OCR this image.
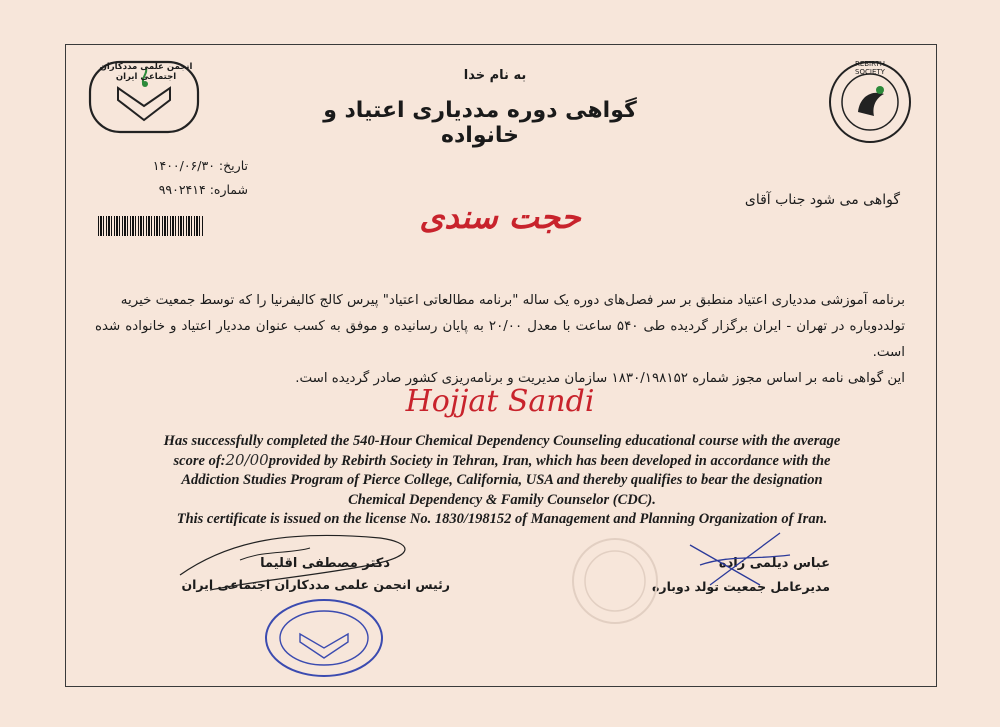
انجمن علمی مددکاران اجتماعی ایران
REBIRTH SOCIETY
به نام خدا
گواهی دوره مددیاری اعتیاد و خانواده
تاریخ: ۱۴۰۰/۰۶/۳۰
شماره: ۹۹۰۲۴۱۴
گواهی می شود جناب آقای
حجت سندی
برنامه آموزشی مددیاری اعتیاد منطبق بر سر فصل‌های دوره یک ساله "برنامه مطالعاتی اعتیاد" پیرس کالج کالیفرنیا را که توسط جمعیت خیریه
تولددوباره در تهران - ایران برگزار گردیده طی ۵۴۰ ساعت با معدل ۲۰/۰۰ به پایان رسانیده و موفق به کسب عنوان مددیار اعتیاد و خانواده شده است.
این گواهی نامه بر اساس مجوز شماره ۱۸۳۰/۱۹۸۱۵۲ سازمان مدیریت و برنامه‌ریزی کشور صادر گردیده است.
Hojjat Sandi
Has successfully completed the 540-Hour Chemical Dependency Counseling educational course with the average
score of:20/00provided by Rebirth Society in Tehran, Iran, which has been developed in accordance with the
Addiction Studies Program of Pierce College, California, USA and thereby qualifies to bear the designation
Chemical Dependency & Family Counselor (CDC).
This certificate is issued on the license No. 1830/198152 of Management and Planning Organization of Iran.
دکتر مصطفی اقلیما
رئیس انجمن علمی مددکاران اجتماعی ایران
عباس دیلمی زاده
مدیرعامل جمعیت تولد دوباره
